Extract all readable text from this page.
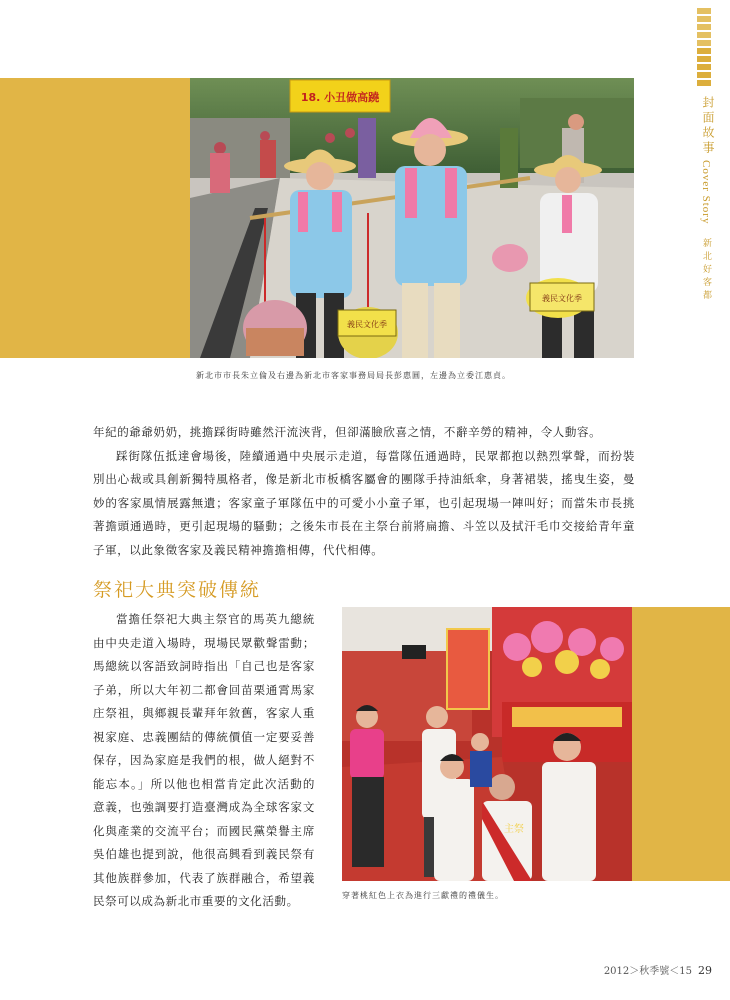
封面故事
Cover Story
新北好客都
18. 小丑做高蹺
義民文化季
義民文化季
新北市市長朱立倫及右邊為新北市客家事務局局長彭惠圓，左邊為立委江惠貞。

年紀的爺爺奶奶，挑擔踩街時雖然汗流浹背，但卻滿臉欣喜之情，不辭辛勞的精神，令人動容。

踩街隊伍抵達會場後，陸續通過中央展示走道，每當隊伍通過時，民眾都抱以熱烈掌聲，而扮裝別出心裁或具創新獨特風格者，像是新北市板橋客屬會的團隊手持油紙傘，身著裙裝，搖曳生姿，曼妙的客家風情展露無遺；客家童子軍隊伍中的可愛小小童子軍，也引起現場一陣叫好；而當朱市長挑著擔頭通過時，更引起現場的騷動；之後朱市長在主祭台前將扁擔、斗笠以及拭汗毛巾交接給青年童子軍，以此象徵客家及義民精神擔擔相傳，代代相傳。

祭祀大典突破傳統

當擔任祭祀大典主祭官的馬英九總統由中央走道入場時，現場民眾歡聲雷動；馬總統以客語致詞時指出「自己也是客家子弟，所以大年初二都會回苗栗通霄馬家庄祭祖，與鄉親長輩拜年敘舊，客家人重視家庭、忠義團結的傳統價值一定要妥善保存，因為家庭是我們的根，做人絕對不能忘本。」所以他也相當肯定此次活動的意義，也強調要打造臺灣成為全球客家文化與產業的交流平台；而國民黨榮譽主席吳伯雄也提到說，他很高興看到義民祭有其他族群參加，代表了族群融合，希望義民祭可以成為新北市重要的文化活動。

主祭
穿著桃紅色上衣為進行三獻禮的禮儀生。
2012＞秋季號＜15 29
